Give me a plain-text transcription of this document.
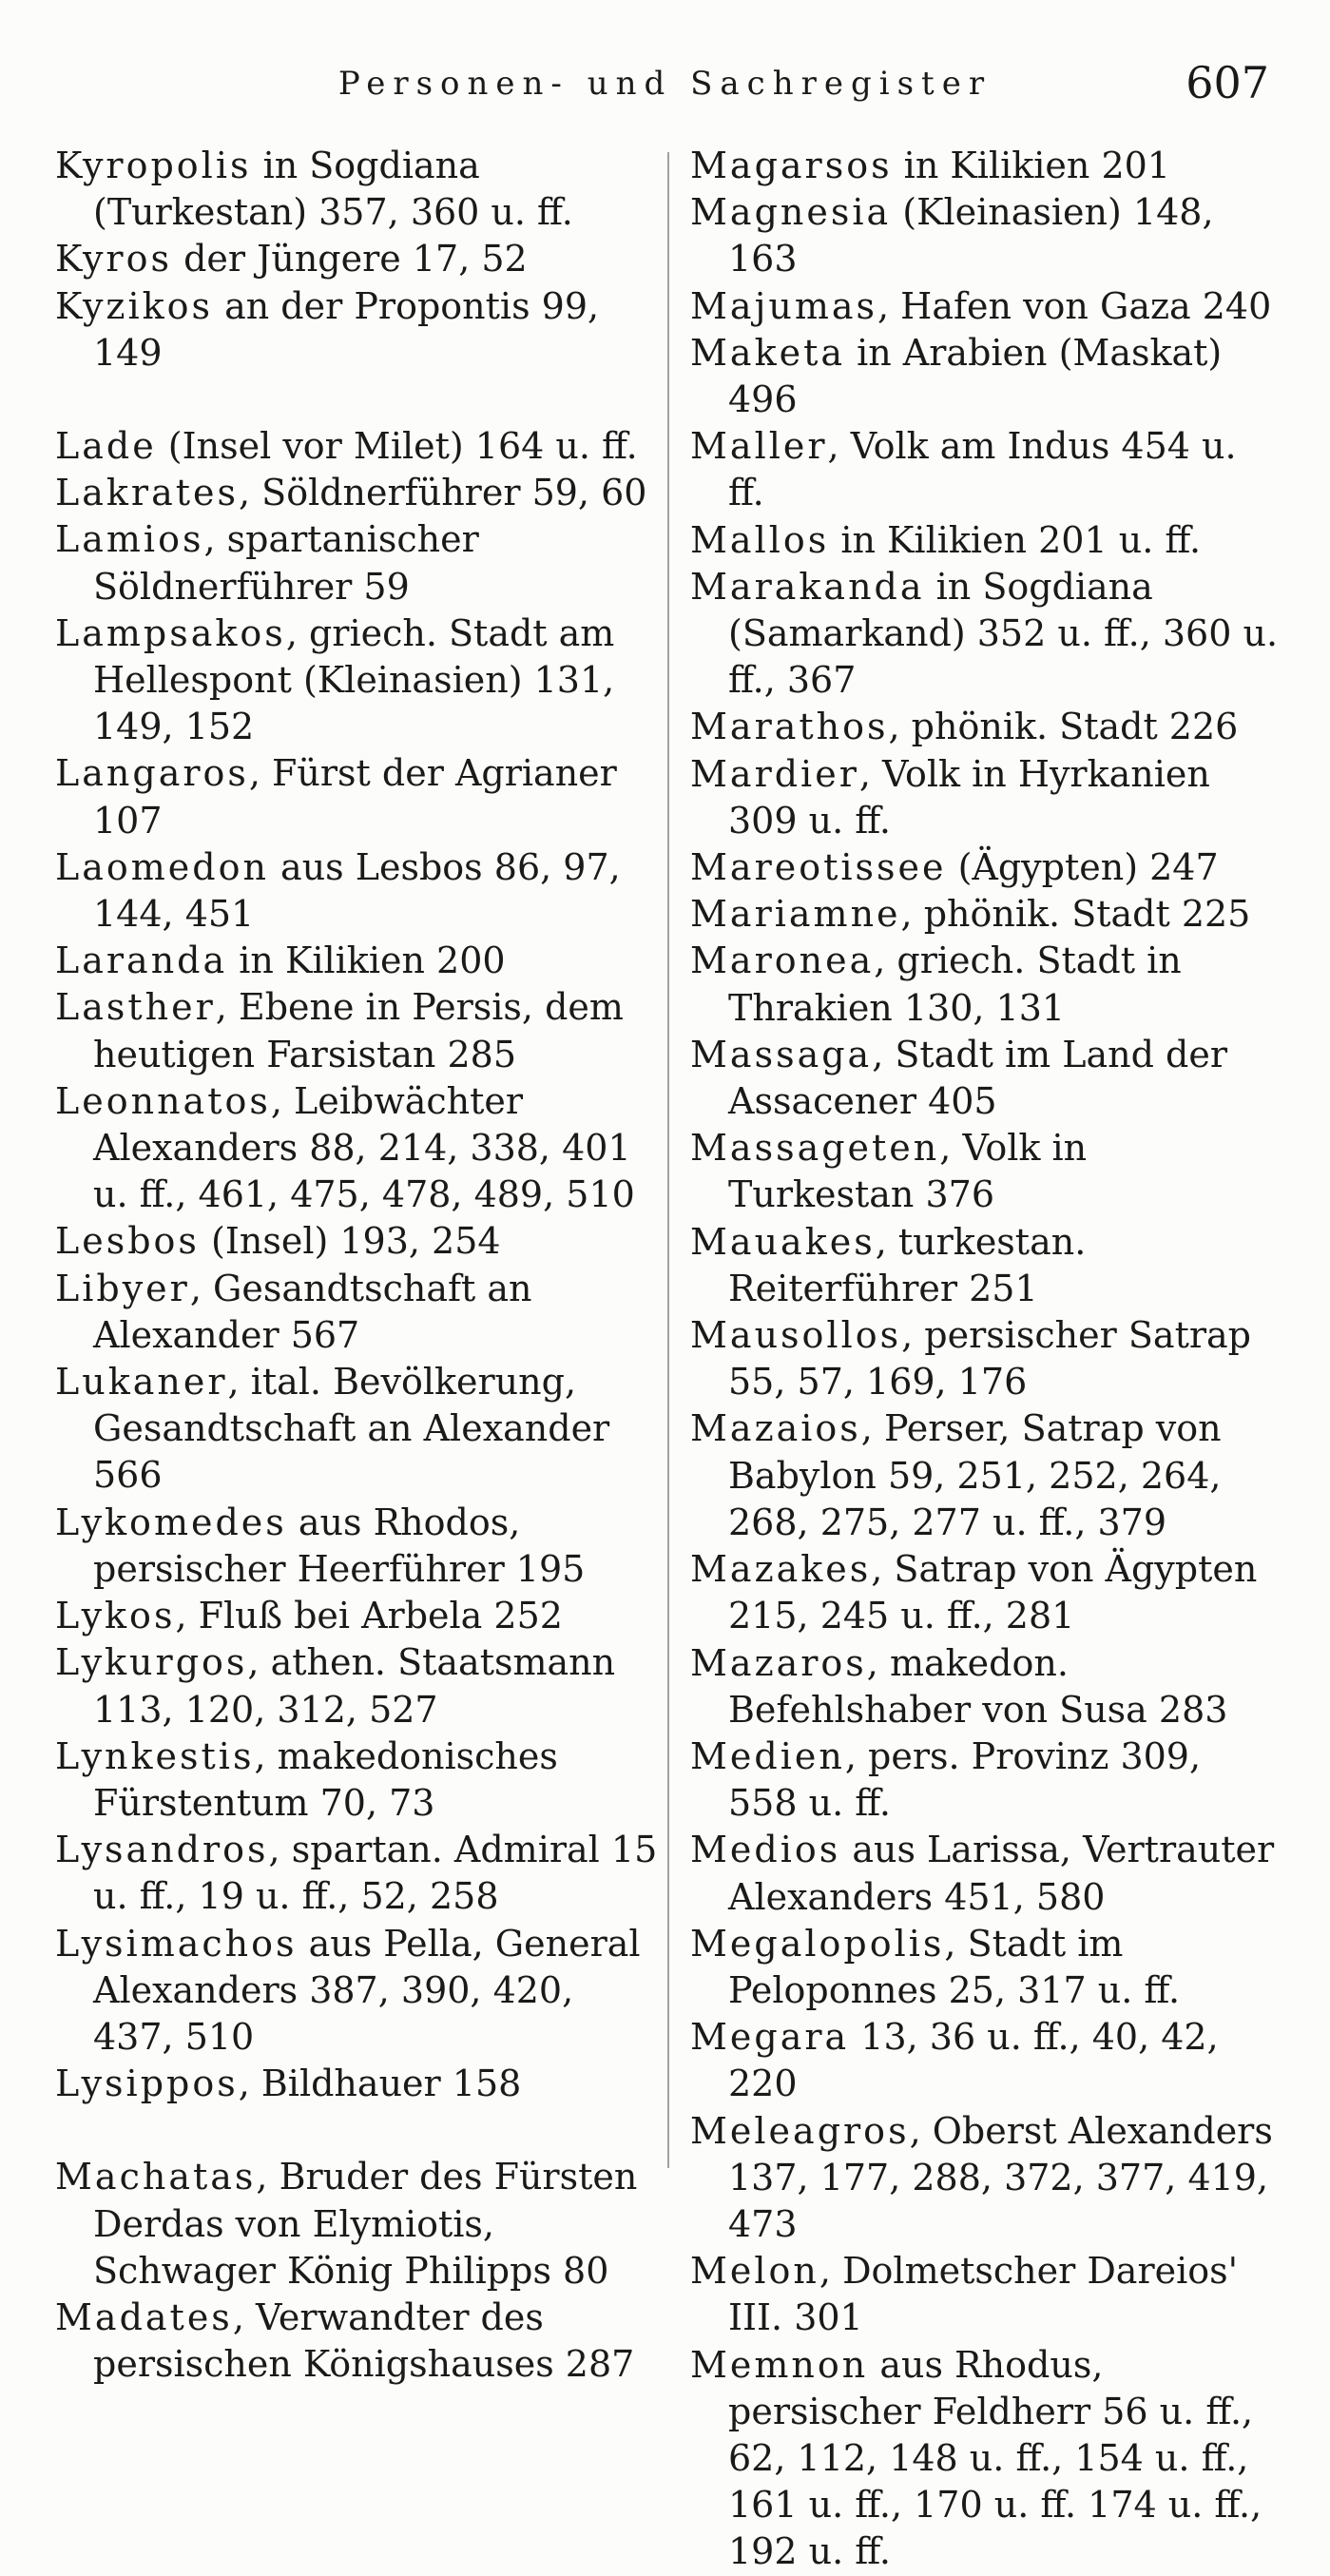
Personen- und Sachregister	607

Kyropolis in Sogdiana (Turkestan) 357, 360 u. ff.

Kyros der Jüngere 17, 52

Kyzikos an der Propontis 99, 149

Lade (Insel vor Milet) 164 u. ff.

Lakrates, Söldnerführer 59, 60

Lamios, spartanischer Söldnerführer 59

Lampsakos, griech. Stadt am Hellespont (Kleinasien) 131, 149, 152

Langaros, Fürst der Agrianer 107

Laomedon aus Lesbos 86, 97, 144, 451

Laranda in Kilikien 200

Lasther, Ebene in Persis, dem heutigen Farsistan 285

Leonnatos, Leibwächter Alexanders 88, 214, 338, 401 u. ff., 461, 475, 478, 489, 510

Lesbos (Insel) 193, 254

Libyer, Gesandtschaft an Alexander 567

Lukaner, ital. Bevölkerung, Gesandtschaft an Alexander 566

Lykomedes aus Rhodos, persischer Heerführer 195

Lykos, Fluß bei Arbela 252

Lykurgos, athen. Staatsmann 113, 120, 312, 527

Lynkestis, makedonisches Fürstentum 70, 73

Lysandros, spartan. Admiral 15 u. ff., 19 u. ff., 52, 258

Lysimachos aus Pella, General Alexanders 387, 390, 420, 437, 510

Lysippos, Bildhauer 158

Machatas, Bruder des Fürsten Derdas von Elymiotis, Schwager König Philipps 80

Madates, Verwandter des persischen Königshauses 287

Magarsos in Kilikien 201

Magnesia (Kleinasien) 148, 163

Majumas, Hafen von Gaza 240

Maketa in Arabien (Maskat) 496

Maller, Volk am Indus 454 u. ff.

Mallos in Kilikien 201 u. ff.

Marakanda in Sogdiana (Samarkand) 352 u. ff., 360 u. ff., 367

Marathos, phönik. Stadt 226

Mardier, Volk in Hyrkanien 309 u. ff.

Mareotissee (Ägypten) 247

Mariamne, phönik. Stadt 225

Maronea, griech. Stadt in Thrakien 130, 131

Massaga, Stadt im Land der Assacener 405

Massageten, Volk in Turkestan 376

Mauakes, turkestan. Reiterführer 251

Mausollos, persischer Satrap 55, 57, 169, 176

Mazaios, Perser, Satrap von Babylon 59, 251, 252, 264, 268, 275, 277 u. ff., 379

Mazakes, Satrap von Ägypten 215, 245 u. ff., 281

Mazaros, makedon. Befehlshaber von Susa 283

Medien, pers. Provinz 309, 558 u. ff.

Medios aus Larissa, Vertrauter Alexanders 451, 580

Megalopolis, Stadt im Peloponnes 25, 317 u. ff.

Megara 13, 36 u. ff., 40, 42, 220

Meleagros, Oberst Alexanders 137, 177, 288, 372, 377, 419, 473

Melon, Dolmetscher Dareios' III. 301

Memnon aus Rhodus, persischer Feldherr 56 u. ff., 62, 112, 148 u. ff., 154 u. ff., 161 u. ff., 170 u. ff. 174 u. ff., 192 u. ff.
